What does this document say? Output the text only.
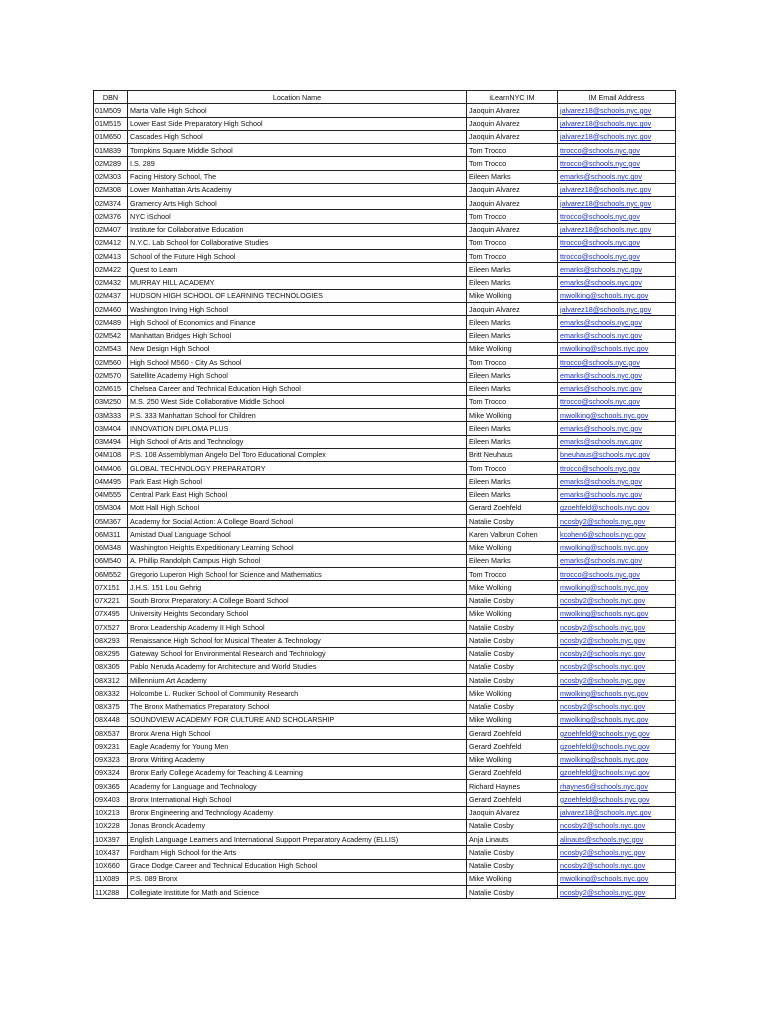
DBN	Location Name	iLearnNYC IM	IM Email Address
01M509	Marta Valle High School	Jaoquin Alvarez	jalvarez18@schools.nyc.gov
01M515	Lower East Side Preparatory High School	Jaoquin Alvarez	jalvarez18@schools.nyc.gov
01M650	Cascades High School	Jaoquin Alvarez	jalvarez18@schools.nyc.gov
01M839	Tompkins Square Middle School	Tom Trocco	ttrocco@schools.nyc.gov
02M289	I.S. 289	Tom Trocco	ttrocco@schools.nyc.gov
02M303	Facing History School, The	Eileen Marks	emarks@schools.nyc.gov
02M308	Lower Manhattan Arts Academy	Jaoquin Alvarez	jalvarez18@schools.nyc.gov
02M374	Gramercy Arts High School	Jaoquin Alvarez	jalvarez18@schools.nyc.gov
02M376	NYC iSchool	Tom Trocco	ttrocco@schools.nyc.gov
02M407	Institute for Collaborative Education	Jaoquin Alvarez	jalvarez18@schools.nyc.gov
02M412	N.Y.C. Lab School for Collaborative Studies	Tom Trocco	ttrocco@schools.nyc.gov
02M413	School of the Future High School	Tom Trocco	ttrocco@schools.nyc.gov
02M422	Quest to Learn	Eileen Marks	emarks@schools.nyc.gov
02M432	MURRAY HILL ACADEMY	Eileen Marks	emarks@schools.nyc.gov
02M437	HUDSON HIGH SCHOOL OF LEARNING TECHNOLOGIES	Mike Wolking	mwolking@schools.nyc.gov
02M460	Washington Irving High School	Jaoquin Alvarez	jalvarez18@schools.nyc.gov
02M489	High School of Economics and Finance	Eileen Marks	emarks@schools.nyc.gov
02M542	Manhattan Bridges High School	Eileen Marks	emarks@schools.nyc.gov
02M543	New Design High School	Mike Wolking	mwolking@schools.nyc.gov
02M560	High School M560 - City As School	Tom Trocco	ttrocco@schools.nyc.gov
02M570	Satellite Academy High School	Eileen Marks	emarks@schools.nyc.gov
02M615	Chelsea Career and Technical Education High School	Eileen Marks	emarks@schools.nyc.gov
03M250	M.S. 250 West Side Collaborative Middle School	Tom Trocco	ttrocco@schools.nyc.gov
03M333	P.S. 333 Manhattan School for Children	Mike Wolking	mwolking@schools.nyc.gov
03M404	INNOVATION DIPLOMA PLUS	Eileen Marks	emarks@schools.nyc.gov
03M494	High School of Arts and Technology	Eileen Marks	emarks@schools.nyc.gov
04M108	P.S. 108 Assemblyman Angelo Del Toro Educational Complex	Britt Neuhaus	bneuhaus@schools.nyc.gov
04M406	GLOBAL TECHNOLOGY PREPARATORY	Tom Trocco	ttrocco@schools.nyc.gov
04M495	Park East High School	Eileen Marks	emarks@schools.nyc.gov
04M555	Central Park East High School	Eileen Marks	emarks@schools.nyc.gov
05M304	Mott Hall High School	Gerard Zoehfeld	gzoehfeld@schools.nyc.gov
05M367	Academy for Social Action: A College Board School	Natalie Cosby	ncosby2@schools.nyc.gov
06M311	Amistad Dual Language School	Karen Valbrun Cohen	kcohen6@schools.nyc.gov
06M348	Washington Heights Expeditionary Learning School	Mike Wolking	mwolking@schools.nyc.gov
06M540	A. Phillip Randolph Campus High School	Eileen Marks	emarks@schools.nyc.gov
06M552	Gregorio Luperon High School for Science and Mathematics	Tom Trocco	ttrocco@schools.nyc.gov
07X151	J.H.S. 151 Lou Gehrig	Mike Wolking	mwolking@schools.nyc.gov
07X221	South Bronx Preparatory: A College Board School	Natalie Cosby	ncosby2@schools.nyc.gov
07X495	University Heights Secondary School	Mike Wolking	mwolking@schools.nyc.gov
07X527	Bronx Leadership Academy II High School	Natalie Cosby	ncosby2@schools.nyc.gov
08X293	Renaissance High School for Musical Theater & Technology	Natalie Cosby	ncosby2@schools.nyc.gov
08X295	Gateway School for Environmental Research and Technology	Natalie Cosby	ncosby2@schools.nyc.gov
08X305	Pablo Neruda Academy for Architecture and World Studies	Natalie Cosby	ncosby2@schools.nyc.gov
08X312	Millennium Art Academy	Natalie Cosby	ncosby2@schools.nyc.gov
08X332	Holcombe L. Rucker School of Community Research	Mike Wolking	mwolking@schools.nyc.gov
08X375	The Bronx Mathematics Preparatory School	Natalie Cosby	ncosby2@schools.nyc.gov
08X448	SOUNDVIEW ACADEMY FOR CULTURE AND SCHOLARSHIP	Mike Wolking	mwolking@schools.nyc.gov
08X537	Bronx Arena High School	Gerard Zoehfeld	gzoehfeld@schools.nyc.gov
09X231	Eagle Academy for Young Men	Gerard Zoehfeld	gzoehfeld@schools.nyc.gov
09X323	Bronx Writing Academy	Mike Wolking	mwolking@schools.nyc.gov
09X324	Bronx Early College Academy for Teaching & Learning	Gerard Zoehfeld	gzoehfeld@schools.nyc.gov
09X365	Academy for Language and Technology	Richard Haynes	rhaynes6@schools.nyc.gov
09X403	Bronx International High School	Gerard Zoehfeld	gzoehfeld@schools.nyc.gov
10X213	Bronx Engineering and Technology Academy	Jaoquin Alvarez	jalvarez18@schools.nyc.gov
10X228	Jonas Bronck Academy	Natalie Cosby	ncosby2@schools.nyc.gov
10X397	English Language Learners and International Support Preparatory Academy (ELLIS)	Anja Linauts	alinauts@schools.nyc.gov
10X437	Fordham High School for the Arts	Natalie Cosby	ncosby2@schools.nyc.gov
10X660	Grace Dodge Career and Technical Education High School	Natalie Cosby	ncosby2@schools.nyc.gov
11X089	P.S. 089 Bronx	Mike Wolking	mwolking@schools.nyc.gov
11X288	Collegiate Institute for Math and Science	Natalie Cosby	ncosby2@schools.nyc.gov
